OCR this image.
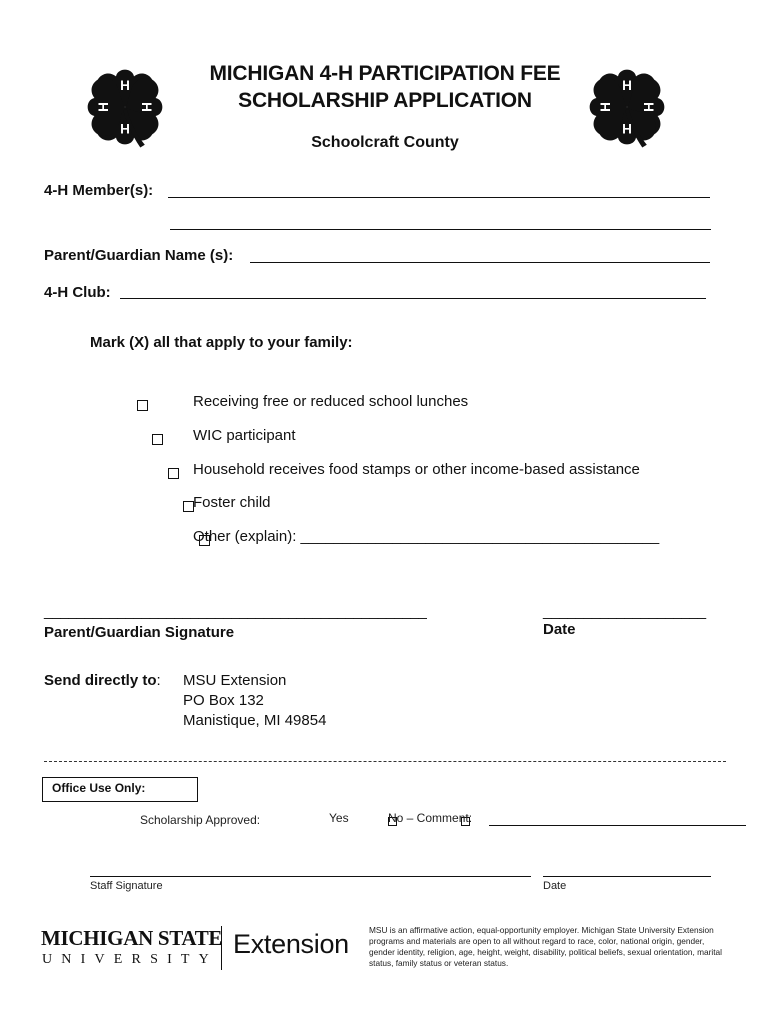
H
H
H
H
H
H
H
H
MICHIGAN 4-H PARTICIPATION FEE
SCHOLARSHIP APPLICATION
Schoolcraft County
4-H Member(s):
Parent/Guardian Name (s):
4-H Club:
Mark (X) all that apply to your family:

Receiving free or reduced school lunches

WIC participant

Household receives food stamps or other income-based assistance

Foster child

Other (explain): ___________________________________________
_______________________________________________
Parent/Guardian Signature
____________________
Date
Send directly to: MSU Extension
PO Box 132
Manistique, MI 49854
Office Use Only:
Scholarship Approved:
	Yes	No – Comment:
Staff Signature	Date
MICHIGAN STATE
UNIVERSITY
Extension MSU is an affirmative action, equal-opportunity employer. Michigan State University Extension programs and materials are open to all without regard to race, color, national origin, gender, gender identity, religion, age, height, weight, disability, political beliefs, sexual orientation, marital status, family status or veteran status.
